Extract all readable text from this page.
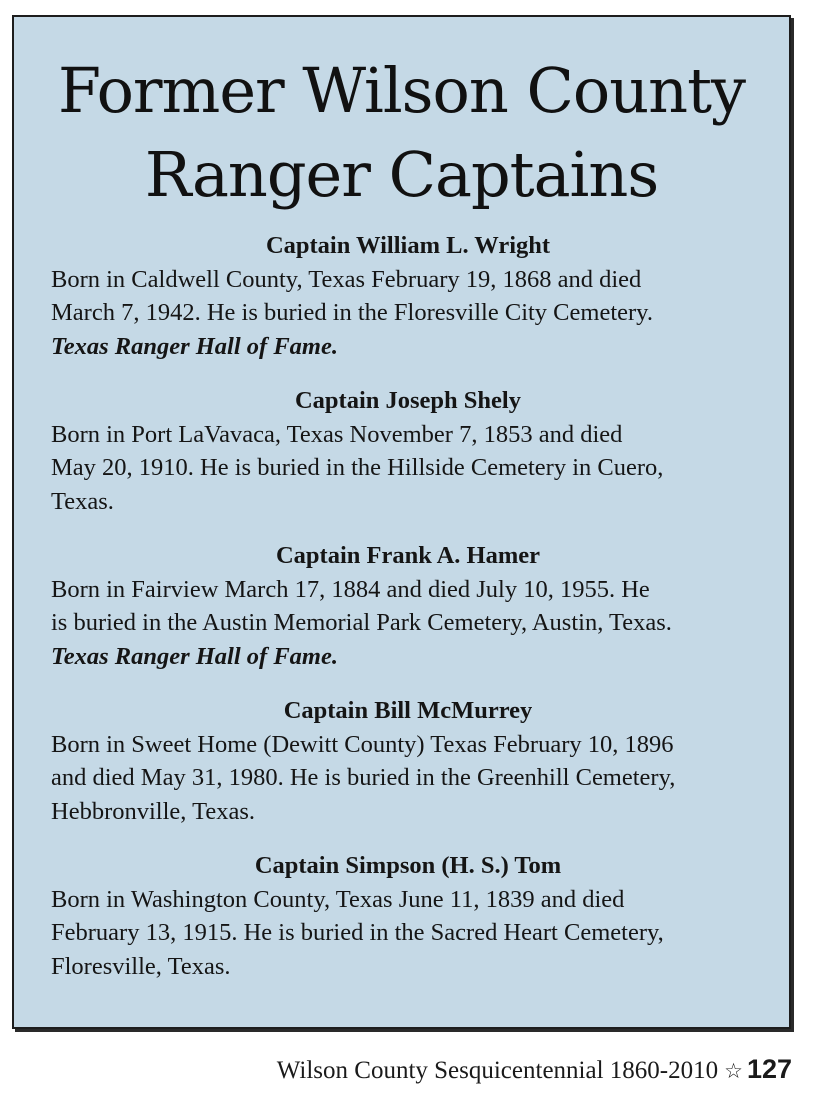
Former Wilson County
Ranger Captains

Captain William L. Wright

Born in Caldwell County, Texas February 19, 1868 and died
March 7, 1942. He is buried in the Floresville City Cemetery.

Texas Ranger Hall of Fame.

Captain Joseph Shely

Born in Port LaVavaca, Texas November 7, 1853 and died
May 20, 1910. He is buried in the Hillside Cemetery in Cuero,
Texas.

Captain Frank A. Hamer

Born in Fairview March 17, 1884 and died July 10, 1955. He
is buried in the Austin Memorial Park Cemetery, Austin, Texas.

Texas Ranger Hall of Fame.

Captain Bill McMurrey

Born in Sweet Home (Dewitt County) Texas February 10, 1896
and died May 31, 1980. He is buried in the Greenhill Cemetery,
Hebbronville, Texas.

Captain Simpson (H. S.) Tom

Born in Washington County, Texas June 11, 1839 and died
February 13, 1915. He is buried in the Sacred Heart Cemetery,
Floresville, Texas.

Wilson County Sesquicentennial 1860-2010 ☆ 127
